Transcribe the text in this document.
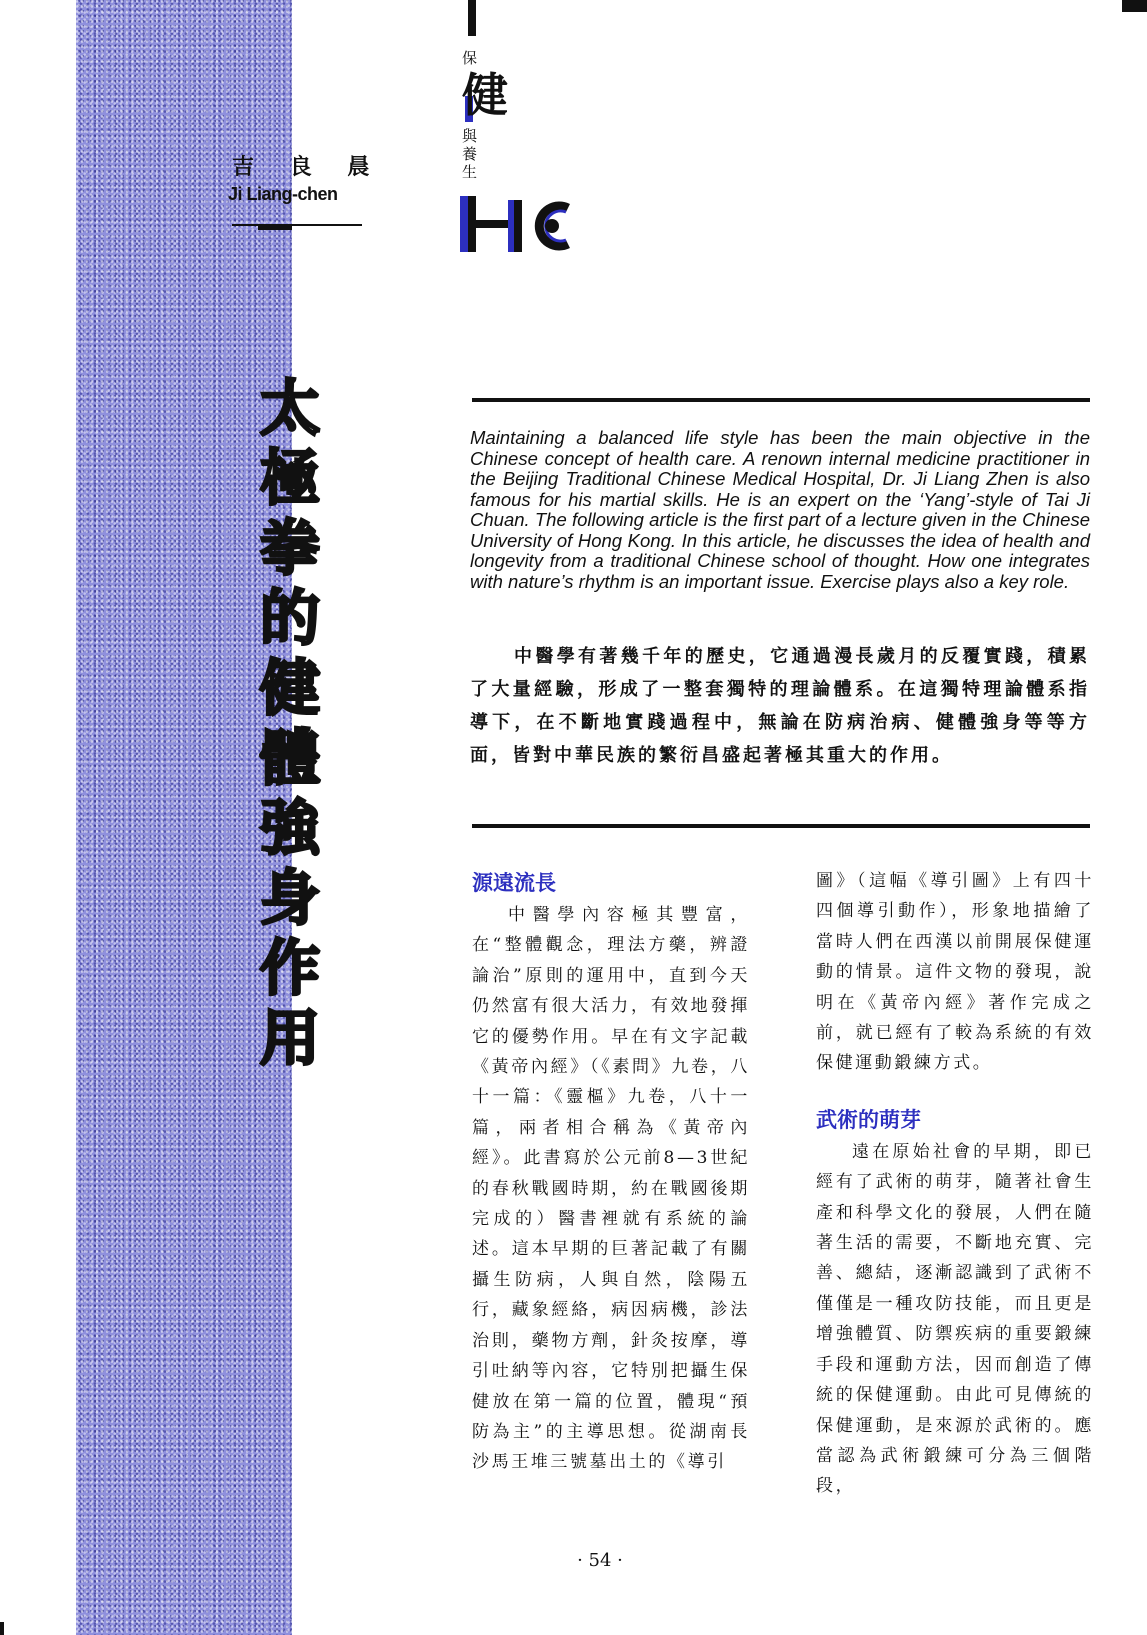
吉 良 晨
Ji Liang-chen
太極拳的健體強身作用
保
健
與
養
生

Maintaining a balanced life style has been the main objective in the Chinese concept of health care. A renown internal medicine practitioner in the Beijing Traditional Chinese Medical Hospital, Dr. Ji Liang Zhen is also famous for his martial skills. He is an expert on the ‘Yang’-style of Tai Ji Chuan. The following article is the first part of a lecture given in the Chinese University of Hong Kong. In this article, he discusses the idea of health and longevity from a traditional Chinese school of thought. How one integrates with nature’s rhythm is an important issue. Exercise plays also a key role.

中醫學有著幾千年的歷史，它通過漫長歲月的反覆實踐，積累了大量經驗，形成了一整套獨特的理論體系。在這獨特理論體系指導下，在不斷地實踐過程中，無論在防病治病、健體強身等等方面，皆對中華民族的繁衍昌盛起著極其重大的作用。

源遠流長

中醫學內容極其豐富，在“整體觀念，理法方藥，辨證論治”原則的運用中，直到今天仍然富有很大活力，有效地發揮它的優勢作用。早在有文字記載《黃帝內經》（《素問》九卷，八十一篇：《靈樞》九卷，八十一篇，兩者相合稱為《黃帝內經》。此書寫於公元前8—3世紀的春秋戰國時期，約在戰國後期完成的）醫書裡就有系統的論述。這本早期的巨著記載了有關攝生防病，人與自然，陰陽五行，藏象經絡，病因病機，診法治則，藥物方劑，針灸按摩，導引吐納等內容，它特別把攝生保健放在第一篇的位置，體現“預防為主”的主導思想。從湖南長沙馬王堆三號墓出土的《導引

圖》（這幅《導引圖》上有四十四個導引動作），形象地描繪了當時人們在西漢以前開展保健運動的情景。這件文物的發現，說明在《黃帝內經》著作完成之前，就已經有了較為系統的有效保健運動鍛練方式。

武術的萌芽

遠在原始社會的早期，即已經有了武術的萌芽，隨著社會生產和科學文化的發展，人們在隨著生活的需要，不斷地充實、完善、總結，逐漸認識到了武術不僅僅是一種攻防技能，而且更是增強體質、防禦疾病的重要鍛練手段和運動方法，因而創造了傳統的保健運動。由此可見傳統的保健運動，是來源於武術的。應當認為武術鍛練可分為三個階段，

· 54 ·
